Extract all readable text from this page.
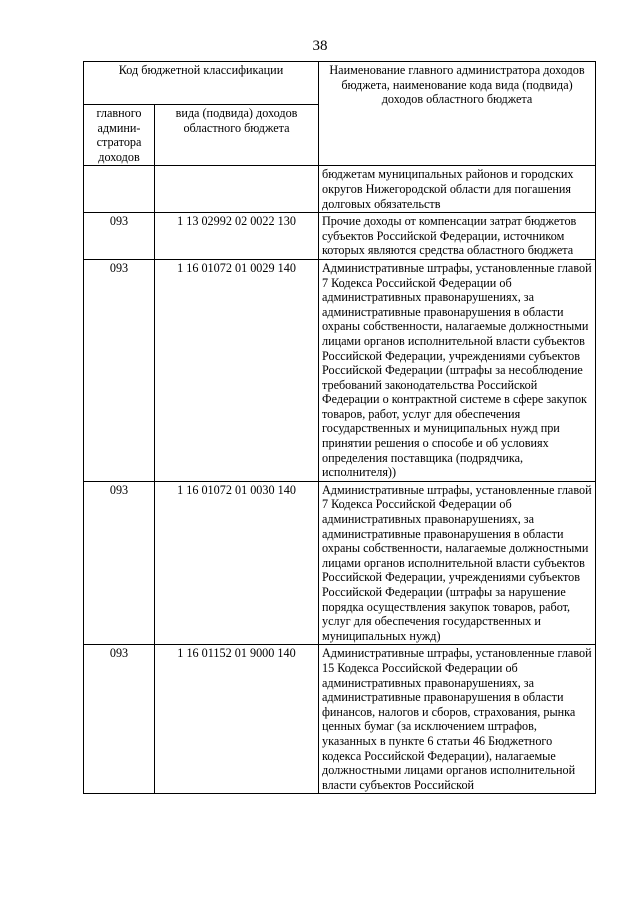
38
Код бюджетной классификации		Наименование главного администратора доходов бюджета, наименование кода вида (подвида) доходов областного бюджета
главного админи-стратора доходов	вида (подвида) доходов областного бюджета	
		бюджетам муниципальных районов и городских округов Нижегородской области для погашения долговых обязательств
093	1 13 02992 02 0022 130	Прочие доходы от компенсации затрат бюджетов субъектов Российской Федерации, источником которых являются средства областного бюджета
093	1 16 01072 01 0029 140	Административные штрафы, установленные главой 7 Кодекса Российской Федерации об административных правонарушениях, за административные правонарушения в области охраны собственности, налагаемые должностными лицами органов исполнительной власти субъектов Российской Федерации, учреждениями субъектов Российской Федерации (штрафы за несоблюдение требований законодательства Российской Федерации о контрактной системе в сфере закупок товаров, работ, услуг для обеспечения государственных и муниципальных нужд при принятии решения о способе и об условиях определения поставщика (подрядчика, исполнителя))
093	1 16 01072 01 0030 140	Административные штрафы, установленные главой 7 Кодекса Российской Федерации об административных правонарушениях, за административные правонарушения в области охраны собственности, налагаемые должностными лицами органов исполнительной власти субъектов Российской Федерации, учреждениями субъектов Российской Федерации (штрафы за нарушение порядка осуществления закупок товаров, работ, услуг для обеспечения государственных и муниципальных нужд)
093	1 16 01152 01 9000 140	Административные штрафы, установленные главой 15 Кодекса Российской Федерации об административных правонарушениях, за административные правонарушения в области финансов, налогов и сборов, страхования, рынка ценных бумаг (за исключением штрафов, указанных в пункте 6 статьи 46 Бюджетного кодекса Российской Федерации), налагаемые должностными лицами органов исполнительной власти субъектов Российской
